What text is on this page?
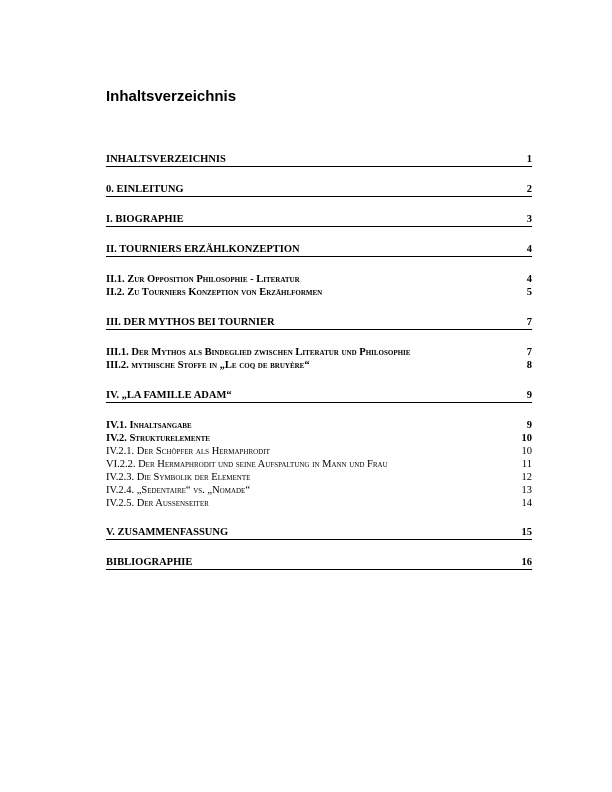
Inhaltsverzeichnis
INHALTSVERZEICHNIS	1
0. EINLEITUNG	2
I. BIOGRAPHIE	3
II. TOURNIERS ERZÄHLKONZEPTION	4
II.1. Zur Opposition Philosophie - Literatur	4
II.2. Zu Tourniers Konzeption von Erzählformen	5
III. DER MYTHOS BEI TOURNIER	7
III.1. Der Mythos als Bindeglied zwischen Literatur und Philosophie	7
III.2. mythische Stoffe in „Le coq de bruyère“	8
IV. „LA FAMILLE ADAM“	9
IV.1. Inhaltsangabe	9
IV.2. Strukturelemente	10
IV.2.1. Der Schöpfer als Hermaphrodit	10
VI.2.2. Der Hermaphrodit und seine Aufspaltung in Mann und Frau	11
IV.2.3. Die Symbolik der Elemente	12
IV.2.4. „Sedentaire“ vs. „Nomade“	13
IV.2.5. Der Außenseiter	14
V. ZUSAMMENFASSUNG	15
BIBLIOGRAPHIE	16
